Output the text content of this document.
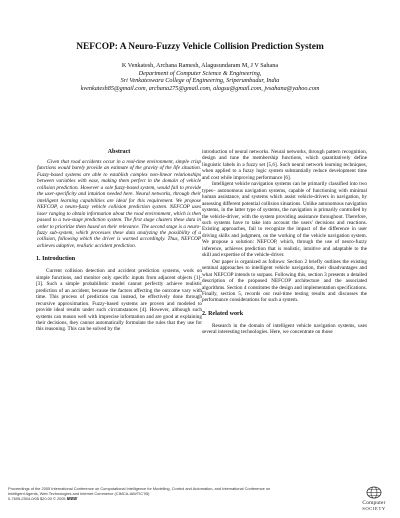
NEFCOP: A Neuro-Fuzzy Vehicle Collision Prediction System
K Venkatesh, Archana Ramesh, Alagusundaram M, J V Sahana
Department of Computer Science & Engineering,
Sri Venkateswara College of Engineering, Sriperumbudur, India
kvenkatesh85@gmail.com, archana275@gmail.com, alagsu@gmail.com, jvsahana@yahoo.com
Abstract

Given that road accidents occur in a real-time environment, simple crisp functions would barely provide an estimate of the gravity of the life situation. Fuzzy-based systems are able to establish complex non-linear relationships between variables with ease, making them perfect in the domain of vehicle collision prediction. However a sole fuzzy-based system, would fail to provide the user-specificity and intuition needed here. Neural networks, through their intelligent learning capabilities are ideal for this requirement. We propose NEFCOP, a neuro-fuzzy vehicle collision prediction system. NEFCOP uses laser ranging to obtain information about the road environment, which is then passed to a two-stage prediction system. The first stage clusters these data in order to prioritize them based on their relevance. The second stage is a neuro-fuzzy sub-system, which processes these data analyzing the possibility of a collision, following which the driver is warned accordingly. Thus, NEFCOP achieves adaptive, realistic accident prediction.

1. Introduction

Current collision detection and accident prediction systems, work on simple functions, and monitor only specific inputs from adjacent objects [1]-[3]. Such a simple probabilistic model cannot perfectly achieve realistic prediction of an accident, because the factors affecting the outcome vary with time. This process of prediction can instead, be effectively done through recursive approximation. Fuzzy-based systems are proven and modeled to provide ideal results under such circumstances [4]. However, although such systems can reason well with imprecise information and are good at explaining their decisions, they cannot automatically formulate the rules that they use for this reasoning. This can be solved by the

introduction of neural networks. Neural networks, through pattern recognition, design and tune the membership functions, which quantitatively define linguistic labels in a fuzzy set [5,6]. Such neural network learning techniques, when applied to a fuzzy logic system substantially reduce development time and cost while improving performance [6].

Intelligent vehicle navigation systems can be primarily classified into two types– autonomous navigation systems, capable of functioning with minimal human assistance, and systems which assist vehicle-drivers in navigation, by assessing different potential collision situations. Unlike autonomous navigation systems, in the latter type of systems, the navigation is primarily controlled by the vehicle-driver, with the system providing assistance throughout. Therefore, such systems have to take into account the users' decisions and reactions. Existing approaches, fail to recognize the impact of the difference in user driving skills and judgment, on the working of the vehicle navigation system. We propose a solution: NEFCOP, which, through the use of neuro-fuzzy inference, achieves prediction that is realistic, intuitive and adaptable to the skill and expertise of the vehicle-driver.

Our paper is organized as follows: Section 2 briefly outlines the existing seminal approaches to intelligent vehicle navigation, their disadvantages and what NEFCOP intends to surpass. Following this, section 3 presents a detailed description of the proposed NEFCOP architecture and the associated algorithms. Section 4 constitutes the design and implementation specifications. Finally, section 5, records our real-time testing results and discusses the performance considerations for such a system.

2. Related work

Research in the domain of intelligent vehicle navigation systems, uses several interesting technologies. Here, we concentrate on those

Proceedings of the 2005 International Conference on Computational Intelligence for Modelling, Control and Automation, and International Conference on
Intelligent Agents, Web Technologies and Internet Commerce (CIMCA-IAWTIC'05)
0-7695-2504-0/05 $20.00 © 2005 IEEE
Computer
SOCIETY
